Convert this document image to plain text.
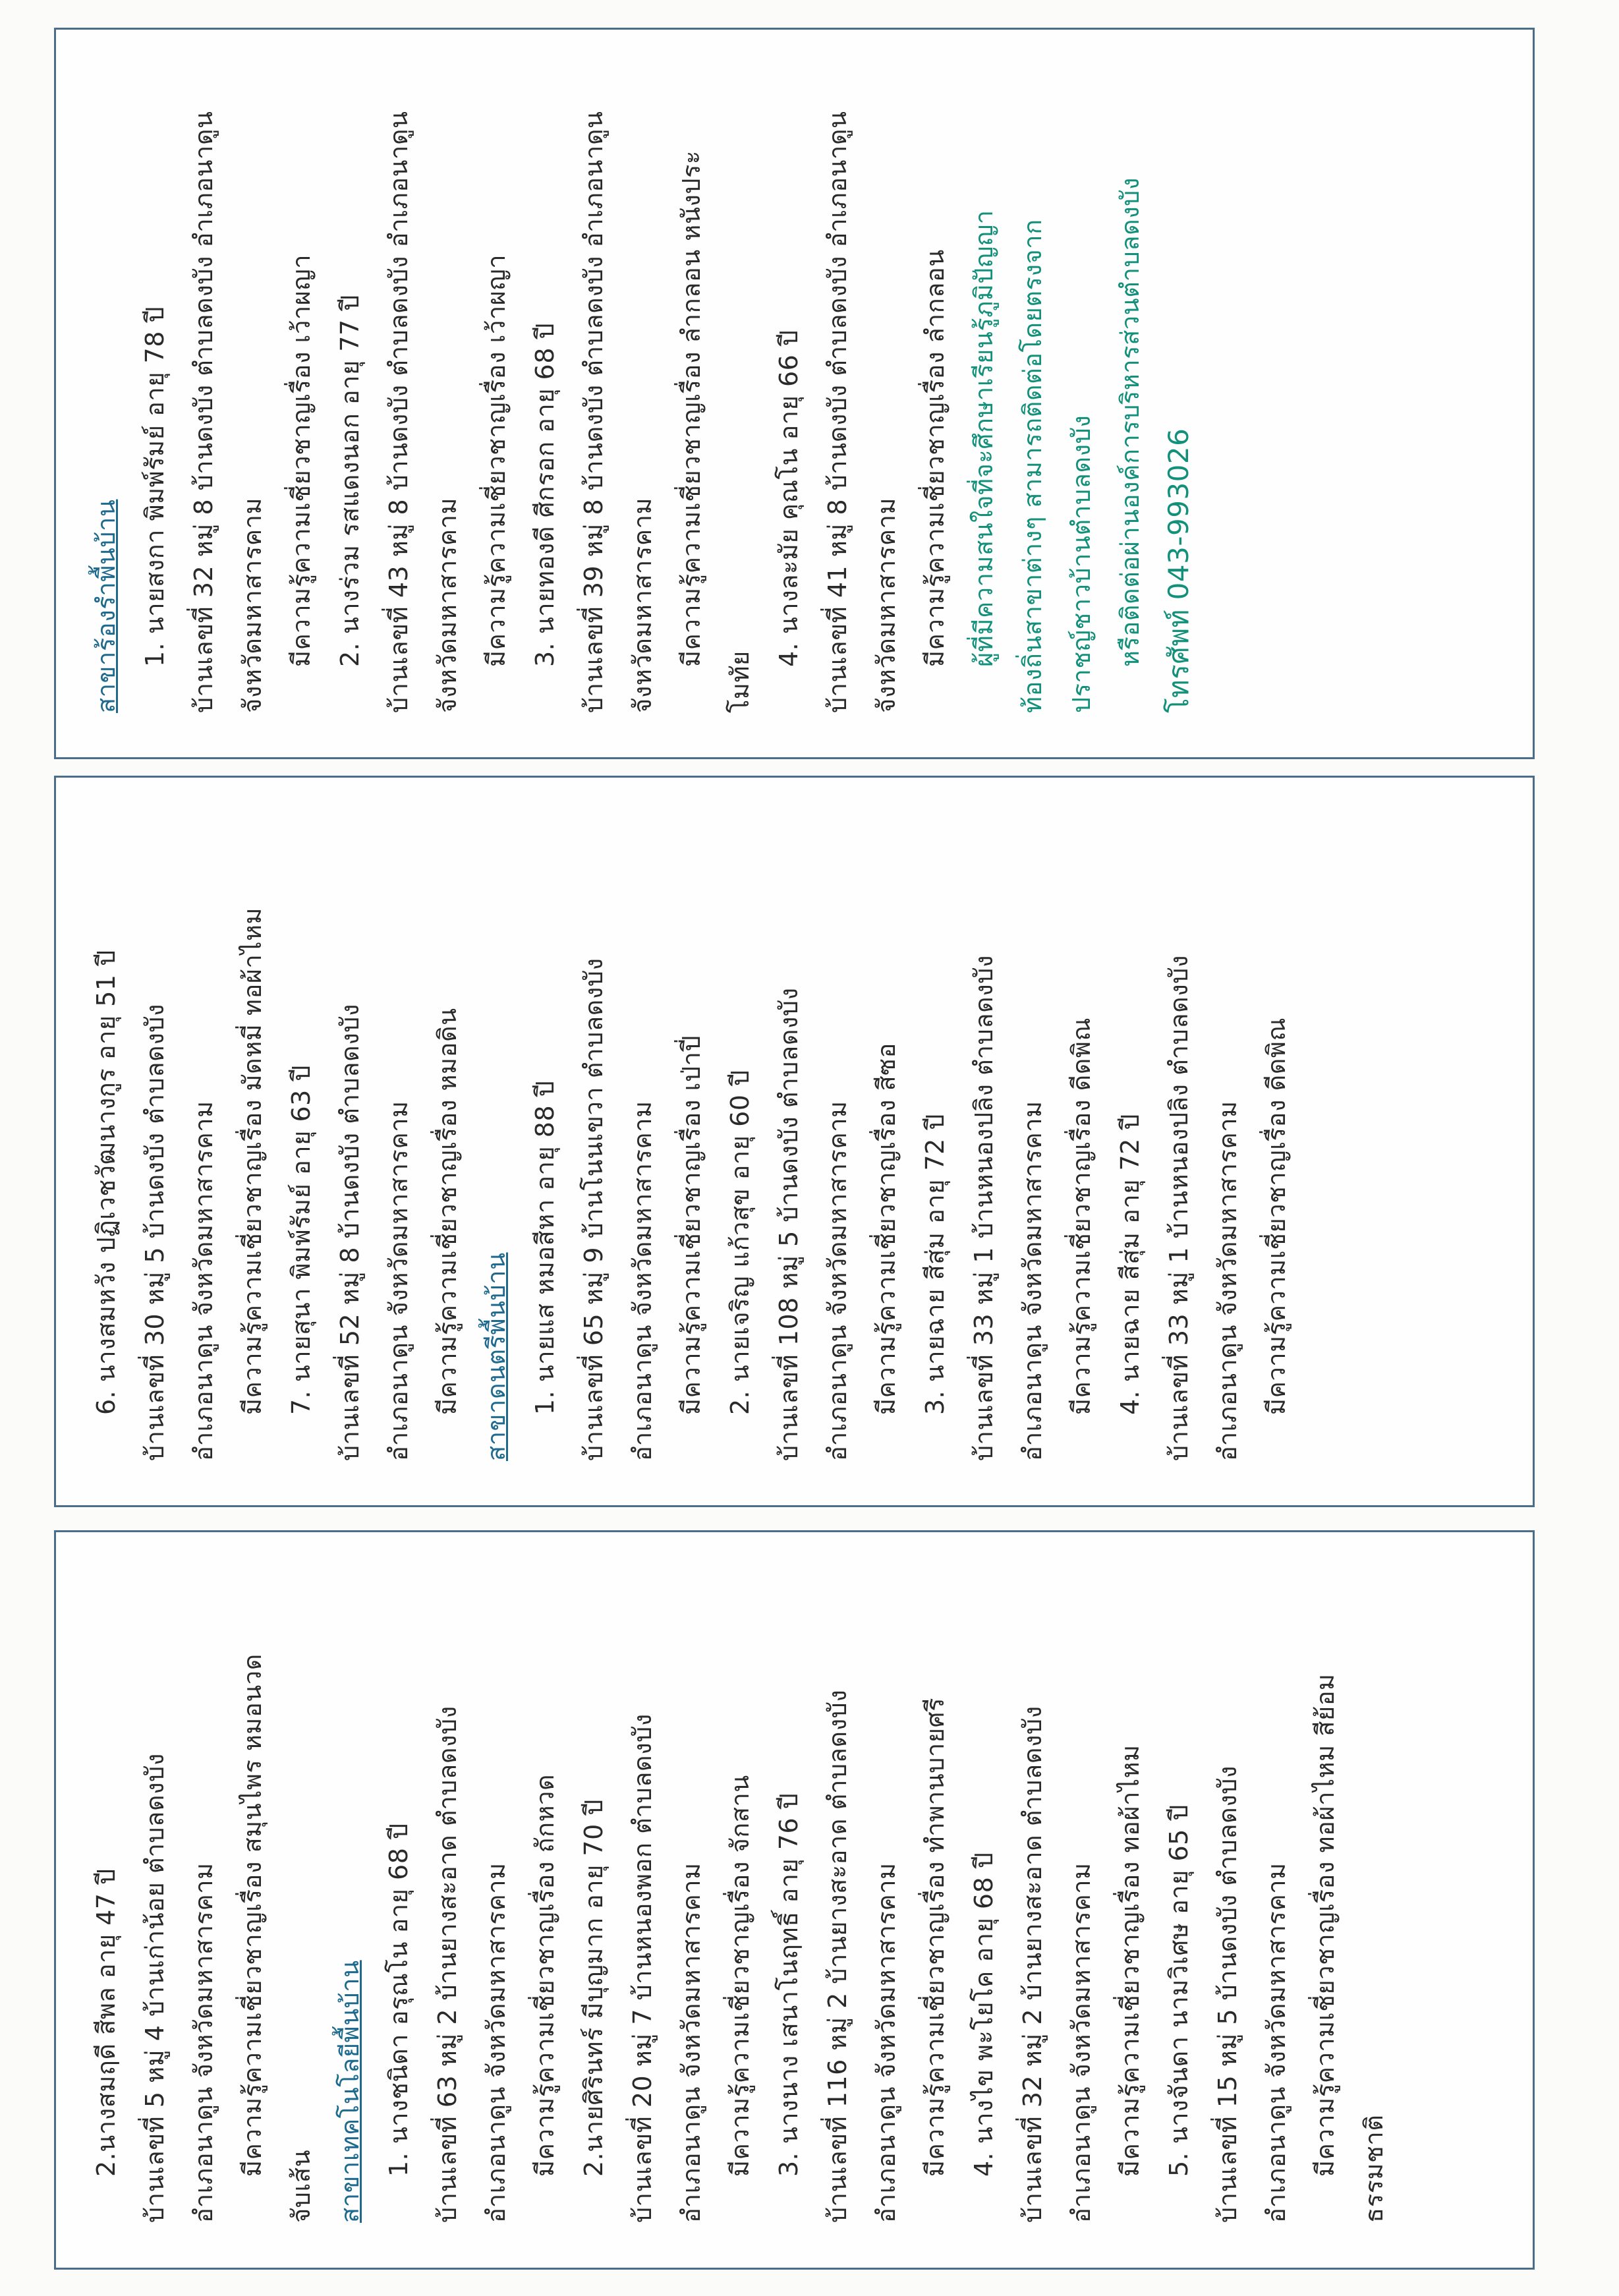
2.นางสมฤดี สีพล อายุ 47 ปี บ้านเลขที่ 5 หมู่ 4 บ้านเก่าน้อย ตำบลดงบัง อำเภอนาดูน จังหวัดมหาสารคาม มีความรู้ความเชี่ยวชาญเรื่อง สมุนไพร หมอนวด

จับเส้น สาขาเทคโนโลยีพื้นบ้าน 1. นางชนิดา อรุณโน อายุ 68 ปี บ้านเลขที่ 63 หมู่ 2 บ้านยางสะอาด ตำบลดงบัง อำเภอนาดูน จังหวัดมหาสารคาม มีความรู้ความเชี่ยวชาญเรื่อง ถักหวด 2.นายศิรินทร์ มีบุญมาก อายุ 70 ปี บ้านเลขที่ 20 หมู่ 7 บ้านหนองพอก ตำบลดงบัง อำเภอนาดูน จังหวัดมหาสารคาม มีความรู้ความเชี่ยวชาญเรื่อง จักสาน 3. นางนาง เสนาโนฤทธิ์ อายุ 76 ปี บ้านเลขที่ 116 หมู่ 2 บ้านยางสะอาด ตำบลดงบัง อำเภอนาดูน จังหวัดมหาสารคาม มีความรู้ความเชี่ยวชาญเรื่อง ทำพานบายศรี 4. นางไข พะโยโค อายุ 68 ปี บ้านเลขที่ 32 หมู่ 2 บ้านยางสะอาด ตำบลดงบัง อำเภอนาดูน จังหวัดมหาสารคาม มีความรู้ความเชี่ยวชาญเรื่อง ทอผ้าไหม 5. นางจันดา นามวิเศษ อายุ 65 ปี บ้านเลขที่ 15 หมู่ 5 บ้านดงบัง ตำบลดงบัง อำเภอนาดูน จังหวัดมหาสารคาม มีความรู้ความเชี่ยวชาญเรื่อง ทอผ้าไหม สีย้อม ธรรมชาติ

6. นางสมหวัง ปฏิเวชวัฒนางกูร อายุ 51 ปี บ้านเลขที่ 30 หมู่ 5 บ้านดงบัง ตำบลดงบัง อำเภอนาดูน จังหวัดมหาสารคาม มีความรู้ความเชี่ยวชาญเรื่อง มัดหมี่ ทอผ้าไหม 7. นายสุนา พิมพ์รัมย์ อายุ 63 ปี บ้านเลขที่ 52 หมู่ 8 บ้านดงบัง ตำบลดงบัง อำเภอนาดูน จังหวัดมหาสารคาม มีความรู้ความเชี่ยวชาญเรื่อง หมอดิน สาขาดนตรีพื้นบ้าน 1. นายแส หมอสีหา อายุ 88 ปี บ้านเลขที่ 65 หมู่ 9 บ้านโนนเขวา ตำบลดงบัง อำเภอนาดูน จังหวัดมหาสารคาม มีความรู้ความเชี่ยวชาญเรื่อง เป่าปี่ 2. นายเจริญ แก้วสุข อายุ 60 ปี บ้านเลขที่ 108 หมู่ 5 บ้านดงบัง ตำบลดงบัง อำเภอนาดูน จังหวัดมหาสารคาม มีความรู้ความเชี่ยวชาญเรื่อง สีซอ 3. นายฉาย สีสุ่ม อายุ 72 ปี บ้านเลขที่ 33 หมู่ 1 บ้านหนองปลิง ตำบลดงบัง อำเภอนาดูน จังหวัดมหาสารคาม มีความรู้ความเชี่ยวชาญเรื่อง ดีดพิณ 4. นายฉาย สีสุ่ม อายุ 72 ปี บ้านเลขที่ 33 หมู่ 1 บ้านหนองปลิง ตำบลดงบัง อำเภอนาดูน จังหวัดมหาสารคาม มีความรู้ความเชี่ยวชาญเรื่อง ดีดพิณ

สาขาร้องรำพื้นบ้าน 1. นายสงกา พิมพ์รัมย์ อายุ 78 ปี บ้านเลขที่ 32 หมู่ 8 บ้านดงบัง ตำบลดงบัง อำเภอนาดูน จังหวัดมหาสารคาม มีความรู้ความเชี่ยวชาญเรื่อง เว้าผญา 2. นางร่วม รสแดงนอก อายุ 77 ปี บ้านเลขที่ 43 หมู่ 8 บ้านดงบัง ตำบลดงบัง อำเภอนาดูน จังหวัดมหาสารคาม มีความรู้ความเชี่ยวชาญเรื่อง เว้าผญา 3. นายทองดี ศีกรอก อายุ 68 ปี บ้านเลขที่ 39 หมู่ 8 บ้านดงบัง ตำบลดงบัง อำเภอนาดูน จังหวัดมหาสารคาม มีความรู้ความเชี่ยวชาญเรื่อง ลำกลอน หนังประ

โมทัย

4. นางละมัย คุณโน อายุ 66 ปี บ้านเลขที่ 41 หมู่ 8 บ้านดงบัง ตำบลดงบัง อำเภอนาดูน จังหวัดมหาสารคาม มีความรู้ความเชี่ยวชาญเรื่อง ลำกลอน ผู้ที่มีความสนใจที่จะศึกษาเรียนรู้ภูมิปัญญา ท้องถิ่นสาขาต่างๆ สามารถติดต่อโดยตรงจาก ปราชญ์ชาวบ้านตำบลดงบัง หรือติดต่อผ่านองค์การบริหารส่วนตำบลดงบัง โทรศัพท์ 043-993026
